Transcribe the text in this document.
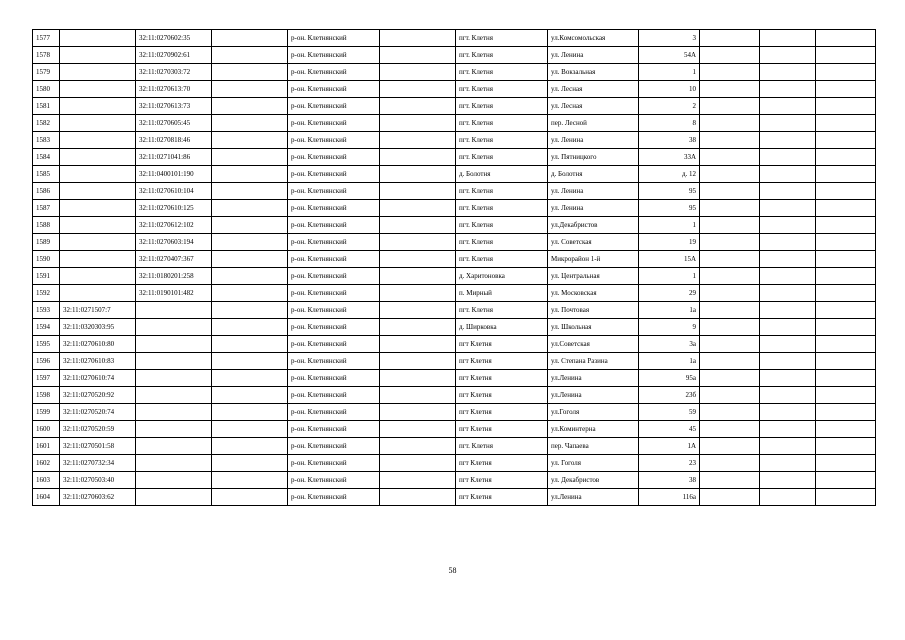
1577		32:11:0270602:35		р-он. Клетнянский		пгт. Клетня	ул.Комсомольская	3			
1578		32:11:0270902:61		р-он. Клетнянский		пгт. Клетня	ул. Ленина	54А			
1579		32:11:0270303:72		р-он. Клетнянский		пгт. Клетня	ул. Вокзальная	1			
1580		32:11:0270613:70		р-он. Клетнянский		пгт. Клетня	ул. Лесная	10			
1581		32:11:0270613:73		р-он. Клетнянский		пгт. Клетня	ул. Лесная	2			
1582		32:11:0270605:45		р-он. Клетнянский		пгт. Клетня	пер. Лесной	8			
1583		32:11:0270818:46		р-он. Клетнянский		пгт. Клетня	ул. Ленина	38			
1584		32:11:0271041:86		р-он. Клетнянский		пгт. Клетня	ул. Пятницкого	33А			
1585		32:11:0400101:190		р-он. Клетнянский		д. Болотня	д. Болотня	д. 12			
1586		32:11:0270610:104		р-он. Клетнянский		пгт. Клетня	ул. Ленина	95			
1587		32:11:0270610:125		р-он. Клетнянский		пгт. Клетня	ул. Ленина	95			
1588		32:11:0270612:102		р-он. Клетнянский		пгт. Клетня	ул.Декабристов	1			
1589		32:11:0270603:194		р-он. Клетнянский		пгт. Клетня	ул. Советская	19			
1590		32:11:0270407:367		р-он. Клетнянский		пгт. Клетня	Микрорайон 1-й	15А			
1591		32:11:0180201:258		р-он. Клетнянский		д. Харитоновка	ул. Центральная	1			
1592		32:11:0190101:482		р-он. Клетнянский		п. Мирный	ул. Московская	29			
1593	32:11:0271507:7			р-он. Клетнянский		пгт. Клетня	ул. Почтовая	1а			
1594	32:11:0320303:95			р-он. Клетнянский		д. Ширковка	ул. Школьная	9			
1595	32:11:0270610:80			р-он. Клетнянский		пгт Клетня	ул.Советская	3а			
1596	32:11:0270610:83			р-он. Клетнянский		пгт Клетня	ул. Степана Разина	1а			
1597	32:11:0270610:74			р-он. Клетнянский		пгт Клетня	ул.Ленина	95а			
1598	32:11:0270520:92			р-он. Клетнянский		пгт Клетня	ул.Ленина	23б			
1599	32:11:0270520:74			р-он. Клетнянский		пгт Клетня	ул.Гоголя	59			
1600	32:11:0270520:59			р-он. Клетнянский		пгт Клетня	ул.Коминтерна	45			
1601	32:11:0270501:58			р-он. Клетнянский		пгт. Клетня	пер. Чапаева	1А			
1602	32:11:0270732:34			р-он. Клетнянский		пгт Клетня	ул. Гоголя	23			
1603	32:11:0270503:40			р-он. Клетнянский		пгт Клетня	ул. Декабристов	38			
1604	32:11:0270603:62			р-он. Клетнянский		пгт Клетня	ул.Ленина	116а			
58
